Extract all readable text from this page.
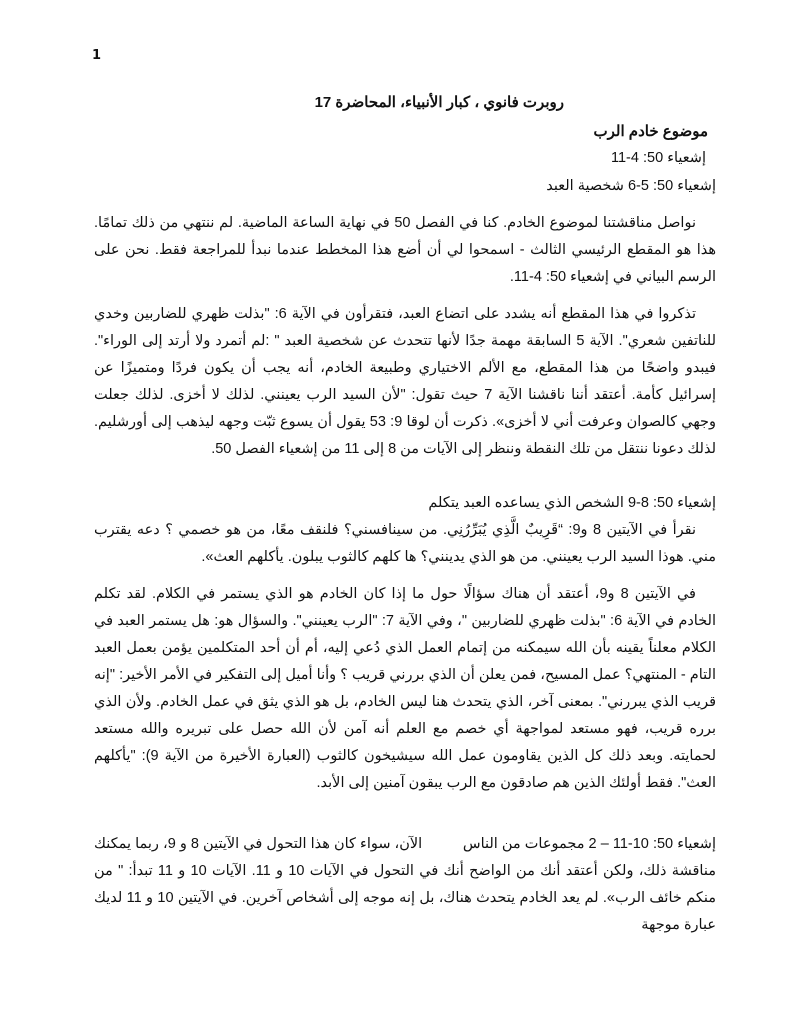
1
روبرت فانوي ، كبار الأنبياء، المحاضرة 17
موضوع خادم الرب
إشعياء 50: 4-11
إشعياء 50: 5-6 شخصية العبد

نواصل مناقشتنا لموضوع الخادم. كنا في الفصل 50 في نهاية الساعة الماضية. لم ننتهي من ذلك تمامًا. هذا هو المقطع الرئيسي الثالث - اسمحوا لي أن أضع هذا المخطط عندما نبدأ للمراجعة فقط. نحن على الرسم البياني في إشعياء 50: 4-11.

تذكروا في هذا المقطع أنه يشدد على اتضاع العبد، فتقرأون في الآية 6: "بذلت ظهري للضاربين وخدي للناتفين شعري". الآية 5 السابقة مهمة جدًا لأنها تتحدث عن شخصية العبد " :لم أتمرد ولا أرتد إلى الوراء". فيبدو واضحًا من هذا المقطع، مع الألم الاختياري وطبيعة الخادم، أنه يجب أن يكون فردًا ومتميزًا عن إسرائيل كأمة. أعتقد أننا ناقشنا الآية 7 حيث تقول: "لأن السيد الرب يعينني. لذلك لا أخزى. لذلك جعلت وجهي كالصوان وعرفت أني لا أخزى». ذكرت أن لوقا 9: 53 يقول أن يسوع ثبّت وجهه ليذهب إلى أورشليم. لذلك دعونا ننتقل من تلك النقطة وننظر إلى الآيات من 8 إلى 11 من إشعياء الفصل 50.

إشعياء 50: 8-9 الشخص الذي يساعده العبد يتكلم

نقرأ في الآيتين 8 و9: “قَرِيبٌ الَّذِي يُبَرِّرُنِي. من سينافسني؟ فلنقف معًا، من هو خصمي ؟ دعه يقترب مني. هوذا السيد الرب يعينني. من هو الذي يدينني؟ ها كلهم كالثوب يبلون. يأكلهم العث».

في الآيتين 8 و9، أعتقد أن هناك سؤالًا حول ما إذا كان الخادم هو الذي يستمر في الكلام. لقد تكلم الخادم في الآية 6: "بذلت ظهري للضاربين "، وفي الآية 7: "الرب يعينني". والسؤال هو: هل يستمر العبد في الكلام معلناً يقينه بأن الله سيمكنه من إتمام العمل الذي دُعي إليه، أم أن أحد المتكلمين يؤمن بعمل العبد التام - المنتهي؟ عمل المسيح، فمن يعلن أن الذي بررني قريب ؟ وأنا أميل إلى التفكير في الأمر الأخير: "إنه قريب الذي يبررني". بمعنى آخر، الذي يتحدث هنا ليس الخادم، بل هو الذي يثق في عمل الخادم. ولأن الذي برره قريب، فهو مستعد لمواجهة أي خصم مع العلم أنه آمن لأن الله حصل على تبريره والله مستعد لحمايته. وبعد ذلك كل الذين يقاومون عمل الله سيشيخون كالثوب (العبارة الأخيرة من الآية 9): "يأكلهم العث". فقط أولئك الذين هم صادقون مع الرب يبقون آمنين إلى الأبد.

إشعياء 50: 10-11 – 2 مجموعات من الناس          الآن، سواء كان هذا التحول في الآيتين 8 و 9، ربما يمكنك مناقشة ذلك، ولكن أعتقد أنك من الواضح أنك في التحول في الآيات 10 و 11. الآيات 10 و 11 تبدأ: " من منكم خائف الرب». لم يعد الخادم يتحدث هناك، بل إنه موجه إلى أشخاص آخرين. في الآيتين 10 و 11 لديك عبارة موجهة
